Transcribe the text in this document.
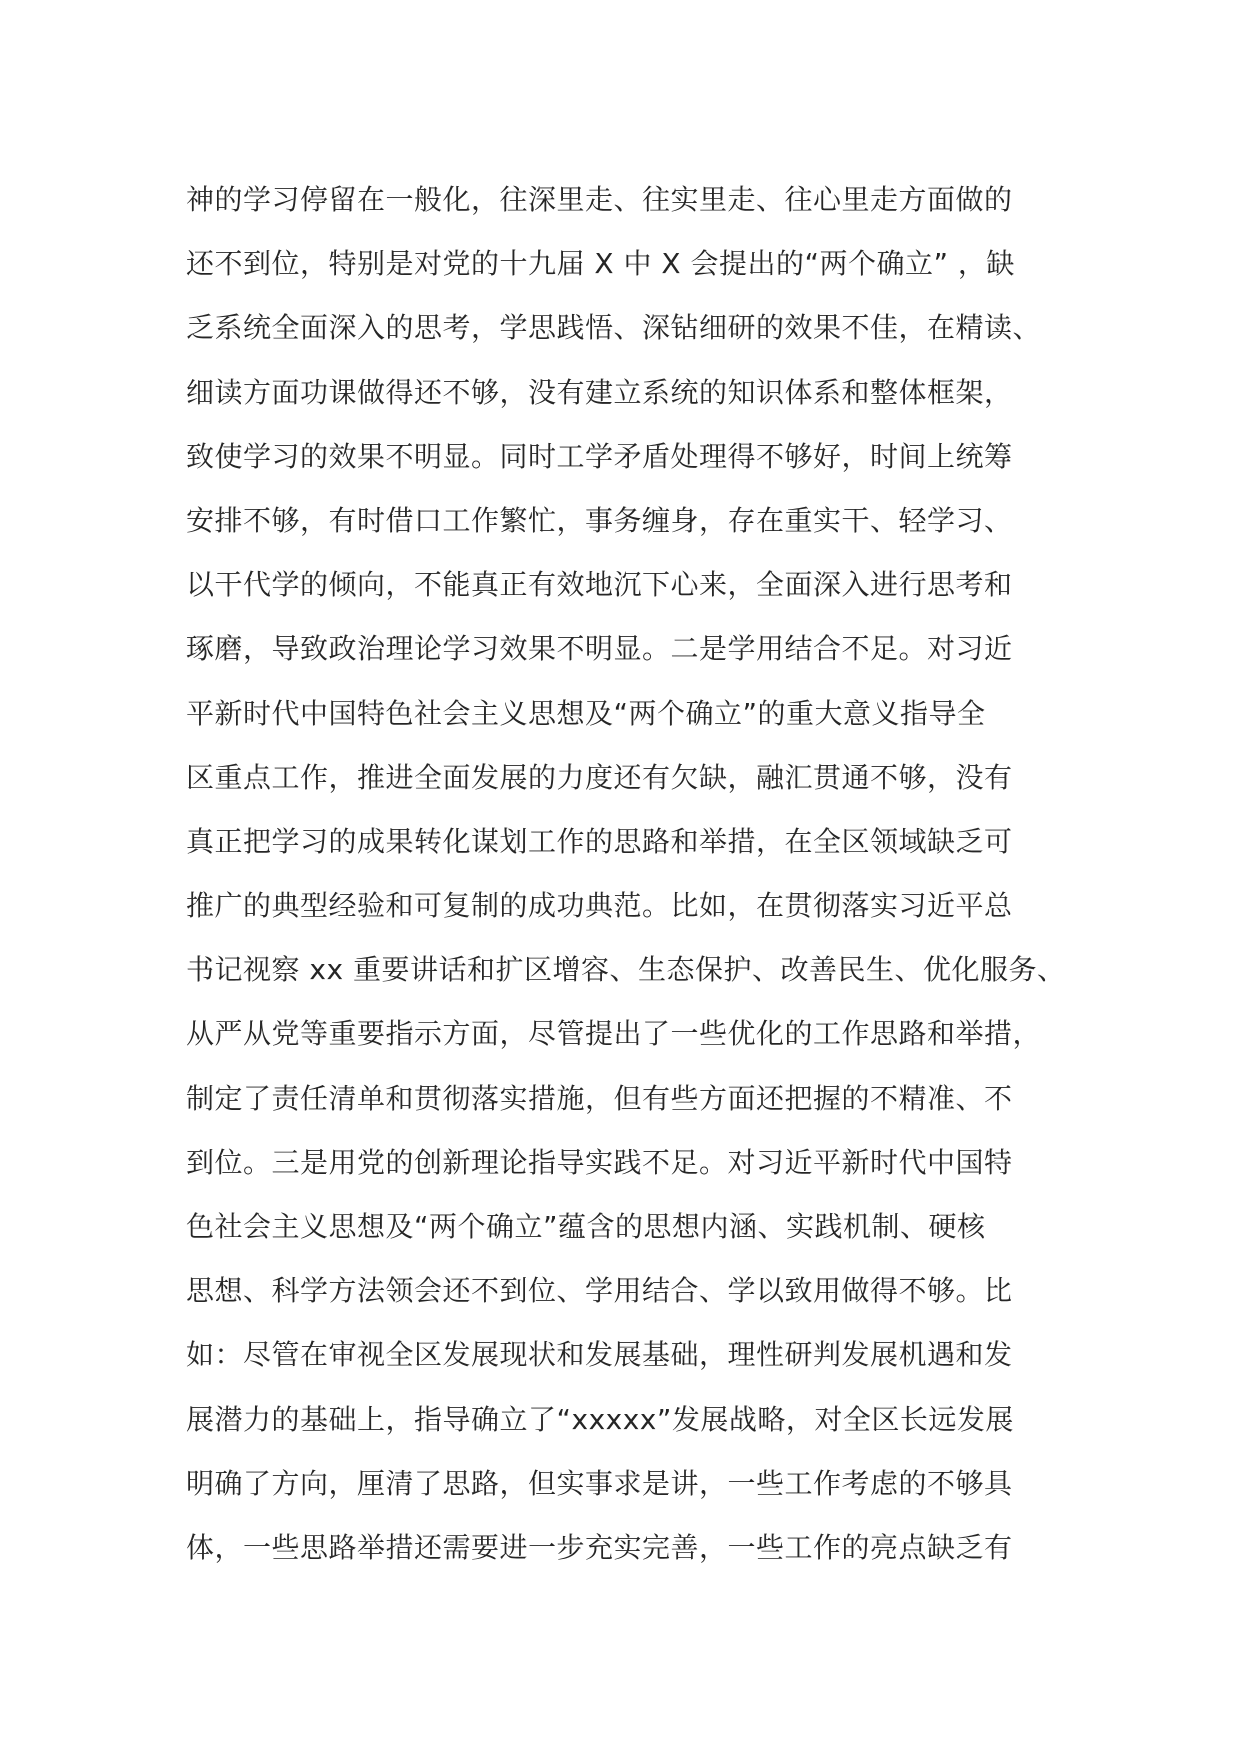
神的学习停留在一般化，往深里走、往实里走、往心里走方面做的
还不到位，特别是对党的十九届 X 中 X 会提出的“两个确立” ，缺
乏系统全面深入的思考，学思践悟、深钻细研的效果不佳，在精读、
细读方面功课做得还不够，没有建立系统的知识体系和整体框架，
致使学习的效果不明显。同时工学矛盾处理得不够好，时间上统筹
安排不够，有时借口工作繁忙，事务缠身，存在重实干、轻学习、
以干代学的倾向，不能真正有效地沉下心来，全面深入进行思考和
琢磨，导致政治理论学习效果不明显。二是学用结合不足。对习近
平新时代中国特色社会主义思想及“两个确立”的重大意义指导全
区重点工作，推进全面发展的力度还有欠缺，融汇贯通不够，没有
真正把学习的成果转化谋划工作的思路和举措，在全区领域缺乏可
推广的典型经验和可复制的成功典范。比如，在贯彻落实习近平总
书记视察 xx 重要讲话和扩区增容、生态保护、改善民生、优化服务、
从严从党等重要指示方面，尽管提出了一些优化的工作思路和举措，
制定了责任清单和贯彻落实措施，但有些方面还把握的不精准、不
到位。三是用党的创新理论指导实践不足。对习近平新时代中国特
色社会主义思想及“两个确立”蕴含的思想内涵、实践机制、硬核
思想、科学方法领会还不到位、学用结合、学以致用做得不够。比
如：尽管在审视全区发展现状和发展基础，理性研判发展机遇和发
展潜力的基础上，指导确立了“xxxxx”发展战略，对全区长远发展
明确了方向，厘清了思路，但实事求是讲，一些工作考虑的不够具
体，一些思路举措还需要进一步充实完善，一些工作的亮点缺乏有
